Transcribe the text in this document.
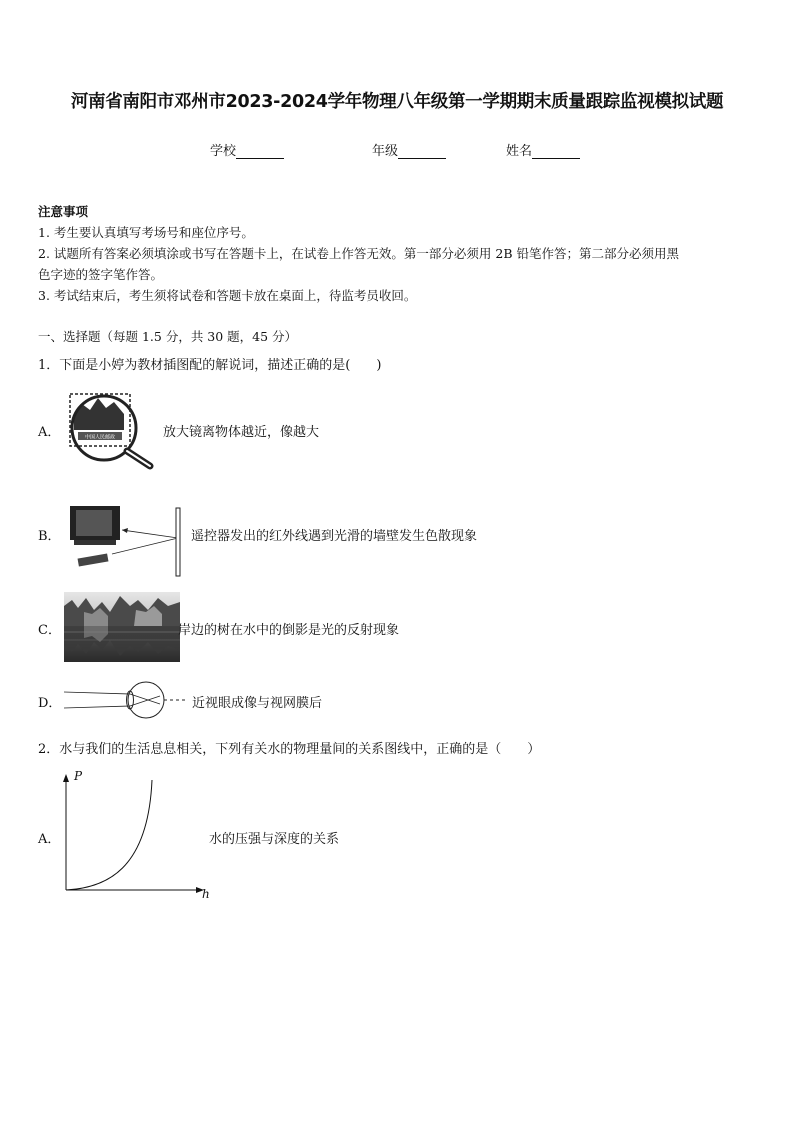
河南省南阳市邓州市2023-2024学年物理八年级第一学期期末质量跟踪监视模拟试题
学校	年级	姓名
注意事项
1. 考生要认真填写考场号和座位序号。
2. 试题所有答案必须填涂或书写在答题卡上，在试卷上作答无效。第一部分必须用 2B 铅笔作答；第二部分必须用黑
色字迹的签字笔作答。
3. 考试结束后，考生须将试卷和答题卡放在桌面上，待监考员收回。
一、选择题（每题 1.5 分，共 30 题，45 分）
1．下面是小婷为教材插图配的解说词，描述正确的是(　　)
A．	中国人民邮政	放大镜离物体越近，像越大
B．	遥控器发出的红外线遇到光滑的墙壁发生色散现象
C．	岸边的树在水中的倒影是光的反射现象
D．	近视眼成像与视网膜后
2．水与我们的生活息息相关，下列有关水的物理量间的关系图线中，正确的是（　　）
A．
P
h
水的压强与深度的关系
